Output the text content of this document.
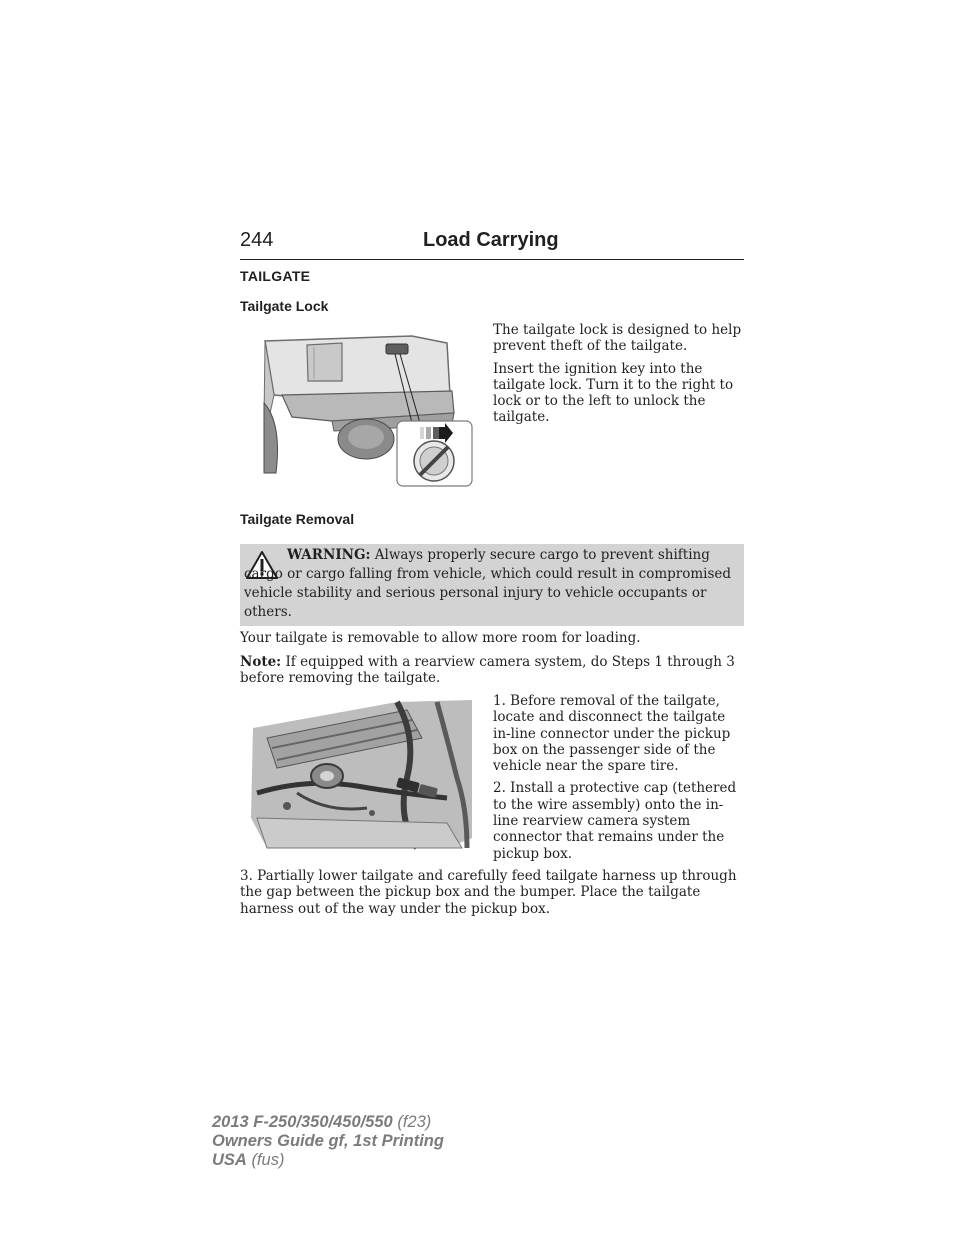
244	Load Carrying
TAILGATE
Tailgate Lock

The tailgate lock is designed to help prevent theft of the tailgate.

Insert the ignition key into the tailgate lock. Turn it to the right to lock or to the left to unlock the tailgate.

Tailgate Removal
WARNING: Always properly secure cargo to prevent shifting cargo or cargo falling from vehicle, which could result in compromised vehicle stability and serious personal injury to vehicle occupants or others.
Your tailgate is removable to allow more room for loading.
Note: If equipped with a rearview camera system, do Steps 1 through 3 before removing the tailgate.

1. Before removal of the tailgate, locate and disconnect the tailgate in-line connector under the pickup box on the passenger side of the vehicle near the spare tire.

2. Install a protective cap (tethered to the wire assembly) onto the in-line rearview camera system connector that remains under the pickup box.

3. Partially lower tailgate and carefully feed tailgate harness up through the gap between the pickup box and the bumper. Place the tailgate harness out of the way under the pickup box.
2013 F-250/350/450/550 (f23)
Owners Guide gf, 1st Printing
USA (fus)
